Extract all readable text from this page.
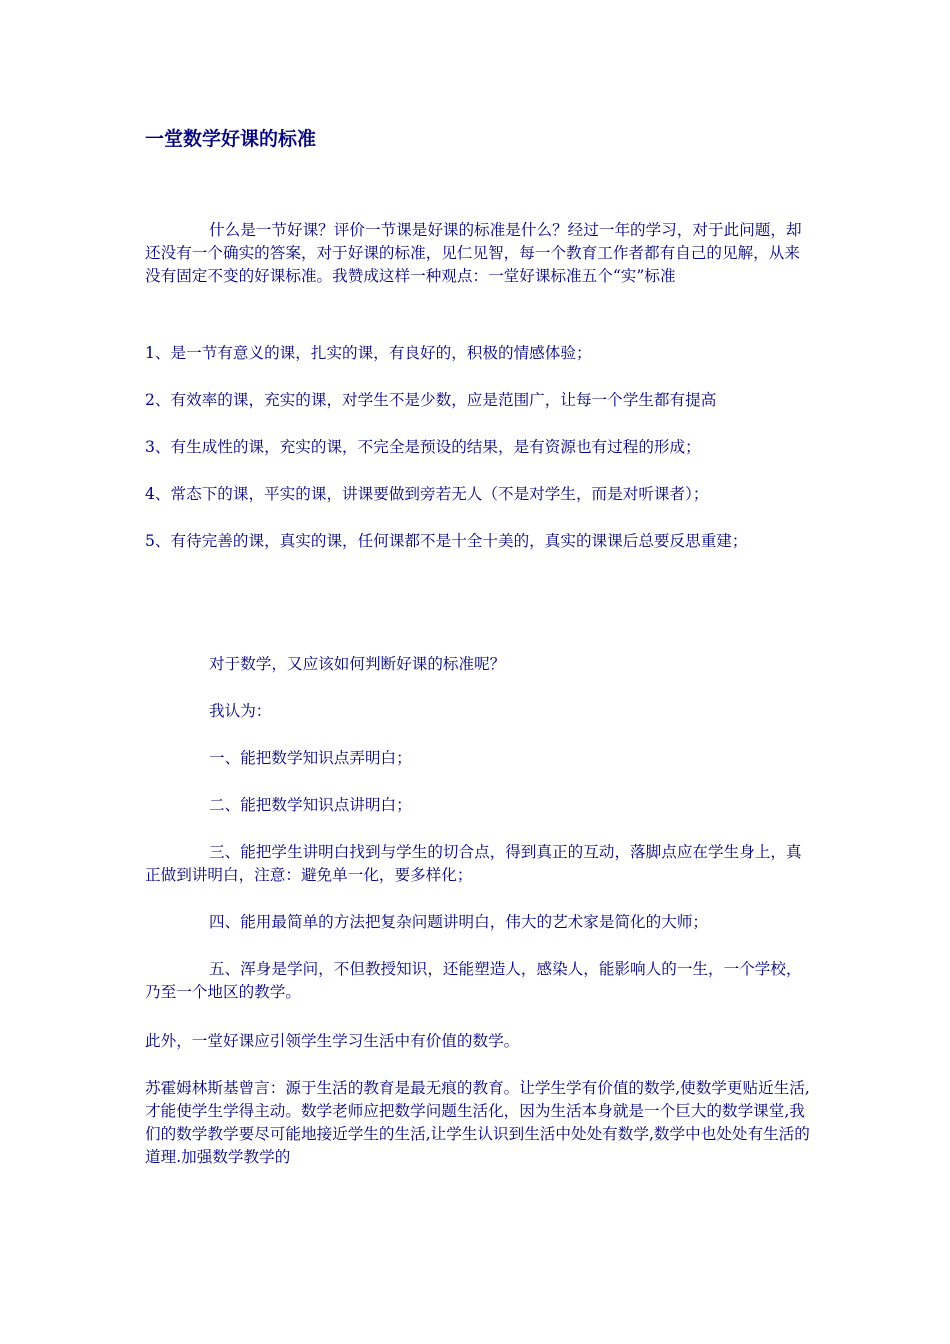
一堂数学好课的标准

什么是一节好课？评价一节课是好课的标准是什么？经过一年的学习，对于此问题，却还没有一个确实的答案，对于好课的标准，见仁见智，每一个教育工作者都有自己的见解，从来没有固定不变的好课标准。我赞成这样一种观点：一堂好课标准五个“实”标准

1、是一节有意义的课，扎实的课，有良好的，积极的情感体验；

2、有效率的课，充实的课，对学生不是少数，应是范围广，让每一个学生都有提高

3、有生成性的课，充实的课，不完全是预设的结果，是有资源也有过程的形成；

4、常态下的课，平实的课，讲课要做到旁若无人（不是对学生，而是对听课者）；

5、有待完善的课，真实的课，任何课都不是十全十美的，真实的课课后总要反思重建；

对于数学，又应该如何判断好课的标准呢？

我认为：

一、能把数学知识点弄明白；

二、能把数学知识点讲明白；

三、能把学生讲明白找到与学生的切合点，得到真正的互动，落脚点应在学生身上，真正做到讲明白，注意：避免单一化，要多样化；

四、能用最简单的方法把复杂问题讲明白，伟大的艺术家是简化的大师；

五、浑身是学问，不但教授知识，还能塑造人，感染人，能影响人的一生，一个学校，乃至一个地区的教学。

此外，一堂好课应引领学生学习生活中有价值的数学。

苏霍姆林斯基曾言：源于生活的教育是最无痕的教育。让学生学有价值的数学,使数学更贴近生活,才能使学生学得主动。数学老师应把数学问题生活化，因为生活本身就是一个巨大的数学课堂,我们的数学教学要尽可能地接近学生的生活,让学生认识到生活中处处有数学,数学中也处处有生活的道理.加强数学教学的
